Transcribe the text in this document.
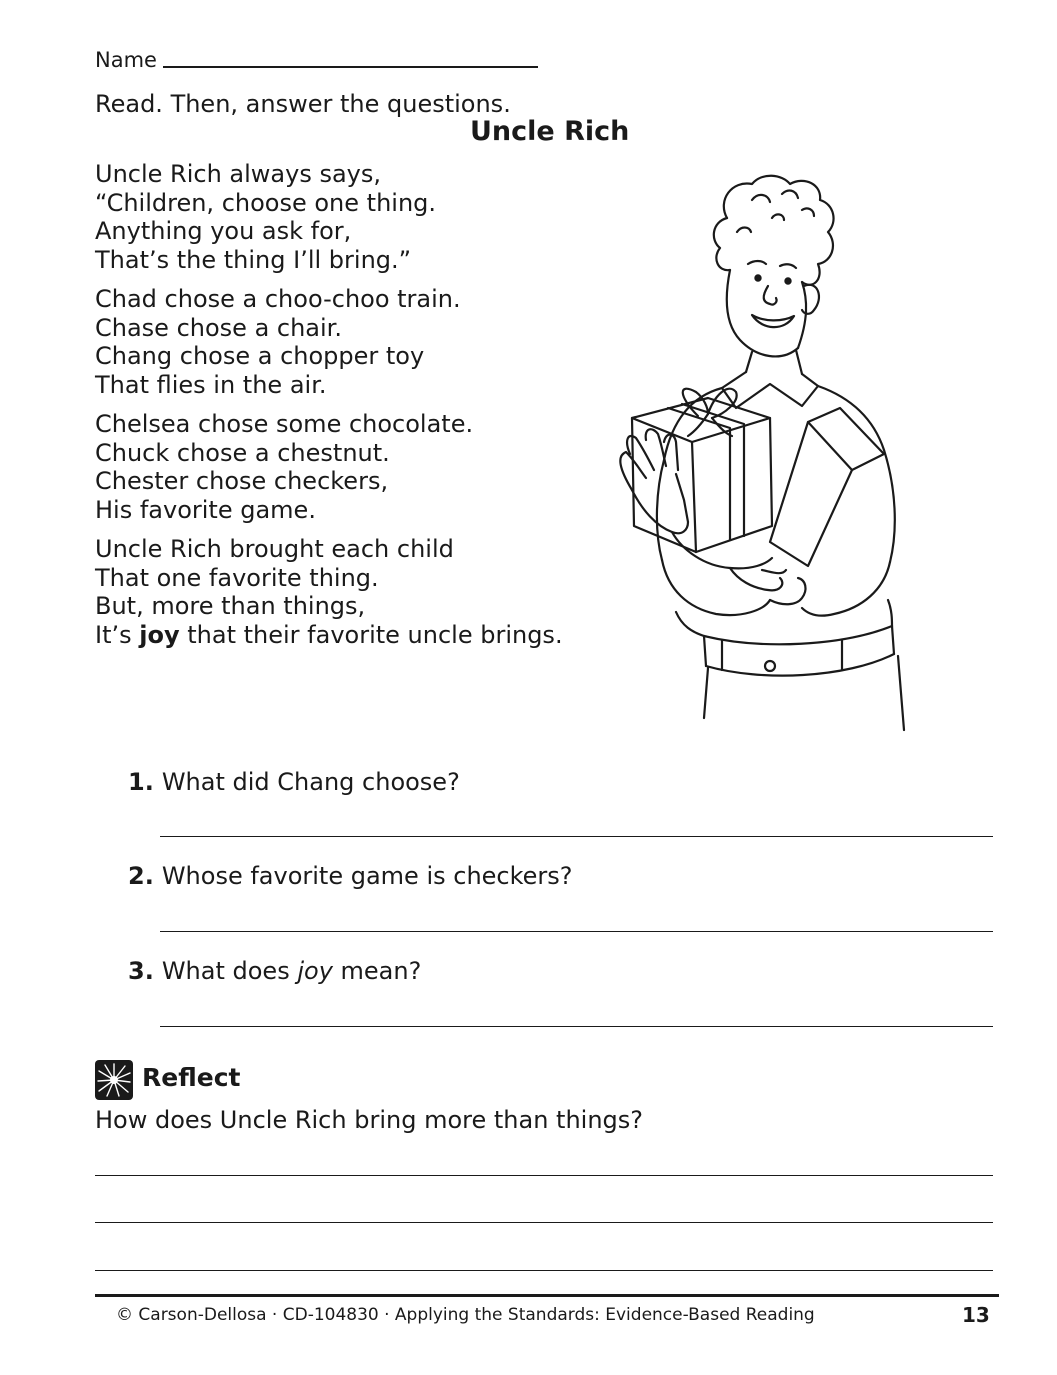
Name
Read. Then, answer the questions.
Uncle Rich
Uncle Rich always says,
“Children, choose one thing.
Anything you ask for,
That’s the thing I’ll bring.”
Chad chose a choo-choo train.
Chase chose a chair.
Chang chose a chopper toy
That flies in the air.
Chelsea chose some chocolate.
Chuck chose a chestnut.
Chester chose checkers,
His favorite game.
Uncle Rich brought each child
That one favorite thing.
But, more than things,
It’s joy that their favorite uncle brings.
1. What did Chang choose?
2. Whose favorite game is checkers?
3. What does joy mean?
Reflect
How does Uncle Rich bring more than things?
© Carson-Dellosa · CD-104830 · Applying the Standards: Evidence-Based Reading	13
